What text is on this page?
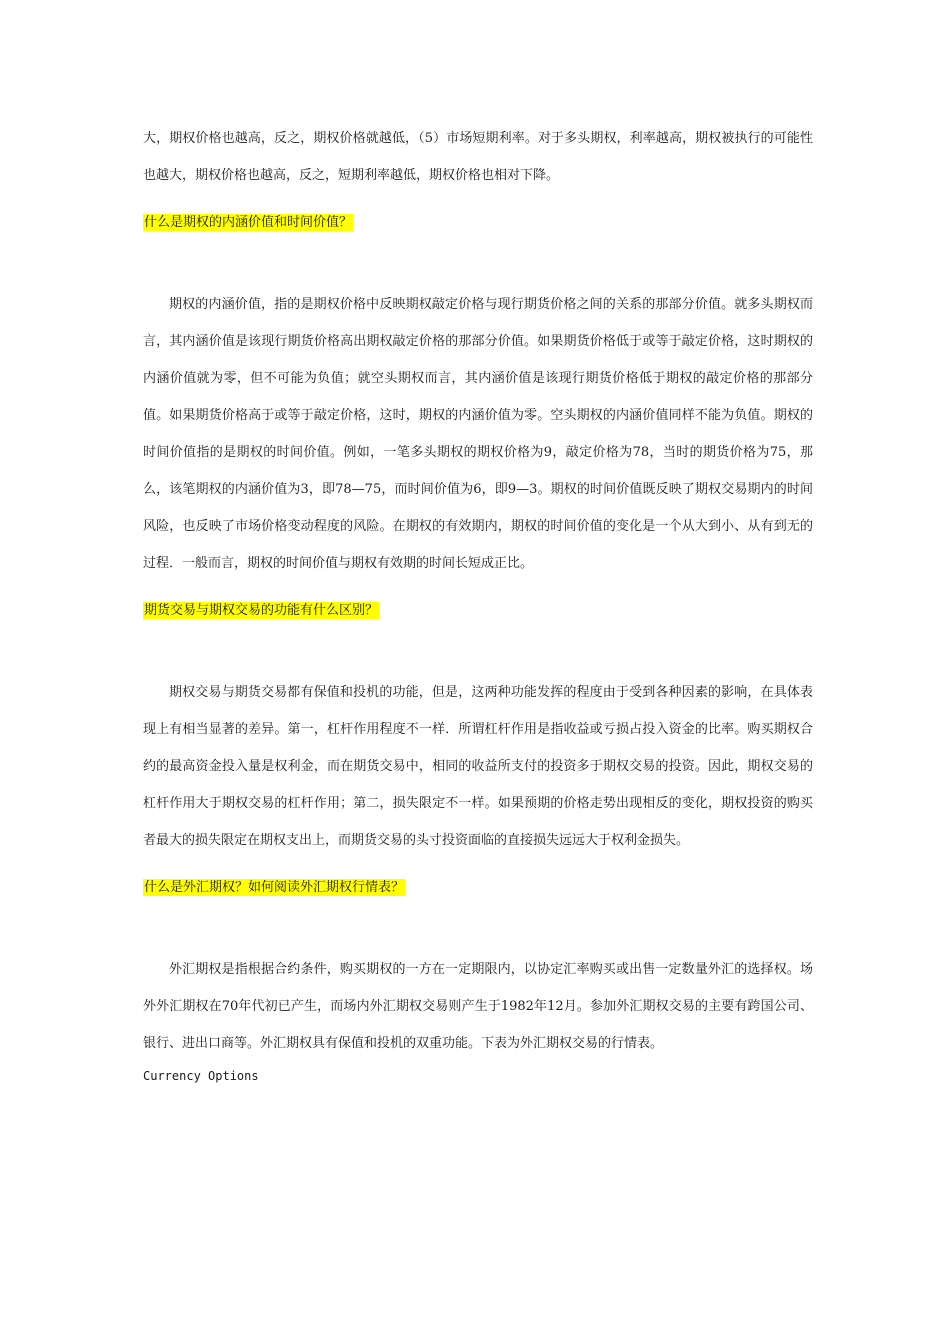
大，期权价格也越高，反之，期权价格就越低，（5）市场短期利率。对于多头期权，利率越高，期权被执行的可能性也越大，期权价格也越高，反之，短期利率越低，期权价格也相对下降。

什么是期权的内涵价值和时间价值？

期权的内涵价值，指的是期权价格中反映期权敲定价格与现行期货价格之间的关系的那部分价值。就多头期权而言，其内涵价值是该现行期货价格高出期权敲定价格的那部分价值。如果期货价格低于或等于敲定价格，这时期权的内涵价值就为零，但不可能为负值；就空头期权而言，其内涵价值是该现行期货价格低于期权的敲定价格的那部分值。如果期货价格高于或等于敲定价格，这时，期权的内涵价值为零。空头期权的内涵价值同样不能为负值。期权的时间价值指的是期权的时间价值。例如，一笔多头期权的期权价格为9，敲定价格为78，当时的期货价格为75，那么，该笔期权的内涵价值为3，即78—75，而时间价值为6，即9—3。期权的时间价值既反映了期权交易期内的时间风险，也反映了市场价格变动程度的风险。在期权的有效期内，期权的时间价值的变化是一个从大到小、从有到无的过程．一般而言，期权的时间价值与期权有效期的时间长短成正比。

期货交易与期权交易的功能有什么区别？

期权交易与期货交易都有保值和投机的功能，但是，这两种功能发挥的程度由于受到各种因素的影响，在具体表现上有相当显著的差异。第一，杠杆作用程度不一样．所谓杠杆作用是指收益或亏损占投入资金的比率。购买期权合约的最高资金投入量是权利金，而在期货交易中，相同的收益所支付的投资多于期权交易的投资。因此，期权交易的杠杆作用大于期权交易的杠杆作用；第二，损失限定不一样。如果预期的价格走势出现相反的变化，期权投资的购买者最大的损失限定在期权支出上，而期货交易的头寸投资面临的直接损失远远大于权利金损失。

什么是外汇期权？如何阅读外汇期权行情表？

外汇期权是指根据合约条件，购买期权的一方在一定期限内，以协定汇率购买或出售一定数量外汇的选择权。场外外汇期权在70年代初已产生，而场内外汇期权交易则产生于1982年12月。参加外汇期权交易的主要有跨国公司、银行、进出口商等。外汇期权具有保值和投机的双重功能。下表为外汇期权交易的行情表。

Currency Options
